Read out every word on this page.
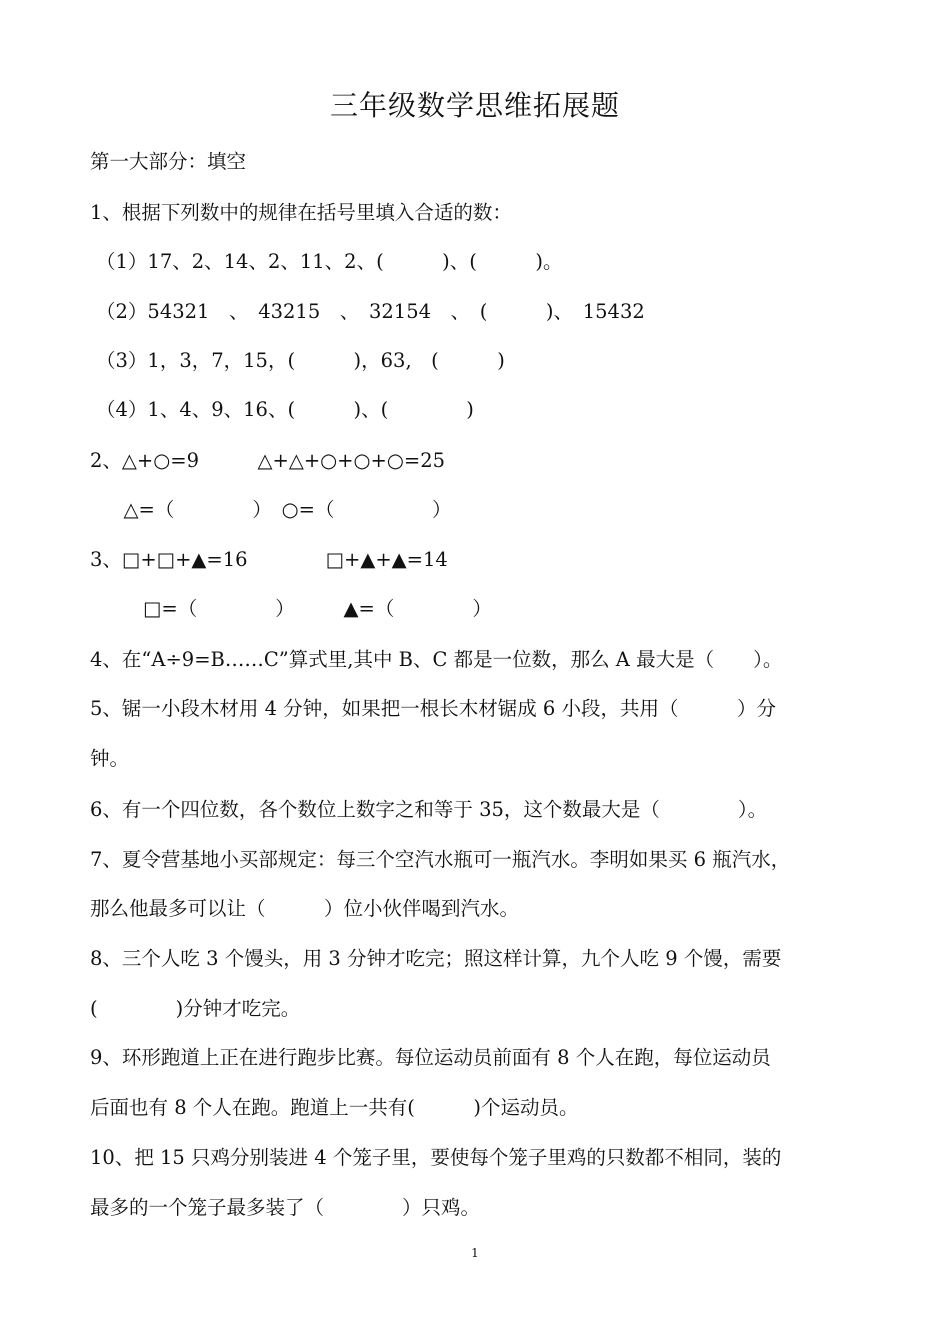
三年级数学思维拓展题
第一大部分：填空
1、根据下列数中的规律在括号里填入合适的数：
（1）17、2、14、2、11、2、(　　　)、(　　　)。
（2）54321　、　43215　、　32154　、　(　　　)、　15432
（3）1，3，7，15，(　　　)，63,　(　　　)
（4）1、4、9、16、(　　　)、(　　　　)
2、△+○=9　　　△+△+○+○+○=25
　△=（　　　　）　○=（　　　　　）
3、□+□+▲=16　　　　□+▲+▲=14
　　□=（　　　　）　　　▲=（　　　　）
4、在“A÷9=B……C”算式里,其中 B、C 都是一位数，那么 A 最大是（　　）。
5、锯一小段木材用 4 分钟，如果把一根长木材锯成 6 小段，共用（　　　）分
钟。
6、有一个四位数，各个数位上数字之和等于 35，这个数最大是（　　　　）。
7、夏令营基地小买部规定：每三个空汽水瓶可一瓶汽水。李明如果买 6 瓶汽水，
那么他最多可以让（　　　）位小伙伴喝到汽水。
8、三个人吃 3 个馒头，用 3 分钟才吃完；照这样计算，九个人吃 9 个馒，需要
(　　　　)分钟才吃完。
9、环形跑道上正在进行跑步比赛。每位运动员前面有 8 个人在跑，每位运动员
后面也有 8 个人在跑。跑道上一共有(　　　)个运动员。
10、把 15 只鸡分别装进 4 个笼子里，要使每个笼子里鸡的只数都不相同，装的
最多的一个笼子最多装了（　　　　）只鸡。
1
